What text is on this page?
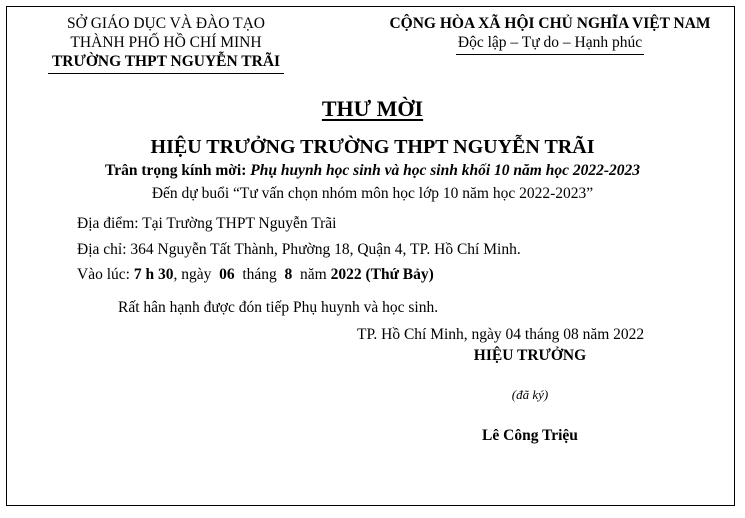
SỞ GIÁO DỤC VÀ ĐÀO TẠO
THÀNH PHỐ HỒ CHÍ MINH
TRƯỜNG THPT NGUYỄN TRÃI
CỘNG HÒA XÃ HỘI CHỦ NGHĨA VIỆT NAM
Độc lập – Tự do – Hạnh phúc
THƯ MỜI
HIỆU TRƯỞNG TRƯỜNG THPT NGUYỄN TRÃI
Trân trọng kính mời: Phụ huynh học sinh và học sinh khối 10 năm học 2022-2023
Đến dự buổi “Tư vấn chọn nhóm môn học lớp 10 năm học 2022-2023”
Địa điểm: Tại Trường THPT Nguyễn Trãi
Địa chỉ: 364 Nguyễn Tất Thành, Phường 18, Quận 4, TP. Hồ Chí Minh.
Vào lúc: 7 h 30, ngày 06 tháng 8 năm 2022 (Thứ Bảy)
Rất hân hạnh được đón tiếp Phụ huynh và học sinh.
TP. Hồ Chí Minh, ngày 04 tháng 08 năm 2022
HIỆU TRƯỞNG
(đã ký)
Lê Công Triệu
